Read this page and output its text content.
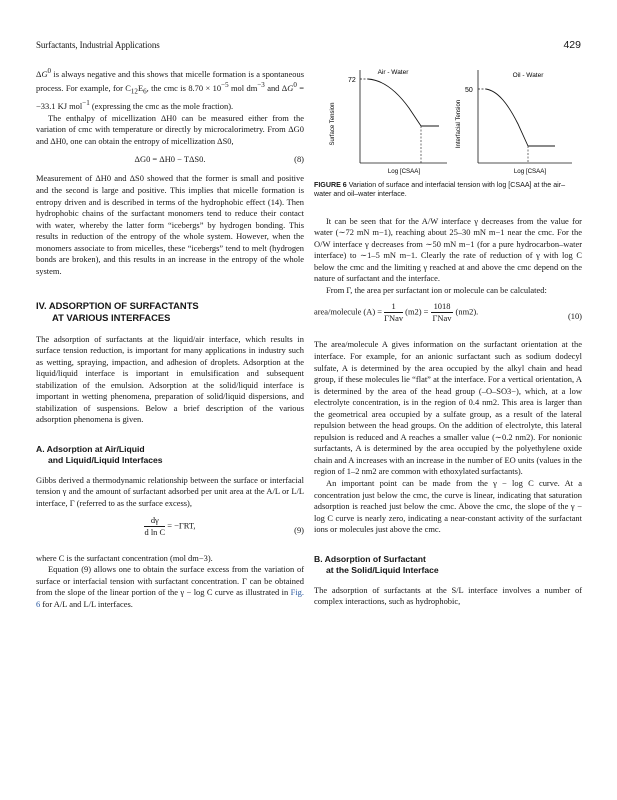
Surfactants, Industrial Applications	429

$\Delta G^0$ is always negative and this shows that micelle formation is a spontaneous process. For example, for $C_{12}E_6$, the cmc is $8.70 \times 10^{-5}$ mol $dm^{-3}$ and $\Delta G^0 = -33.1$ KJ mol$^{-1}$ (expressing the cmc as the mole fraction).

The enthalpy of micellization ΔH0 can be measured either from the variation of cmc with temperature or directly by microcalorimetry. From ΔG0 and ΔH0, one can obtain the entropy of micellization ΔS0,

ΔG0 = ΔH0 − TΔS0.	(8)

Measurement of ΔH0 and ΔS0 showed that the former is small and positive and the second is large and positive. This implies that micelle formation is entropy driven and is described in terms of the hydrophobic effect (14). Then hydrophobic chains of the surfactant monomers tend to reduce their contact with water, whereby the latter form “icebergs” by hydrogen bonding. This results in reduction of the entropy of the whole system. However, when the monomers associate to from micelles, these “icebergs” tend to melt (hydrogen bonds are broken), and this results in an increase in the entropy of the whole system.

IV. ADSORPTION OF SURFACTANTS
AT VARIOUS INTERFACES

The adsorption of surfactants at the liquid/air interface, which results in surface tension reduction, is important for many applications in industry such as wetting, spraying, impaction, and adhesion of droplets. Adsorption at the liquid/liquid interface is important in emulsification and subsequent stabilization of the emulsion. Adsorption at the solid/liquid interface is important in wetting phenomena, preparation of solid/liquid dispersions, and stabilization of suspensions. Below a brief description of the various adsorption phenomena is given.

A. Adsorption at Air/Liquid
and Liquid/Liquid Interfaces

Gibbs derived a thermodynamic relationship between the surface or interfacial tension γ and the amount of surfactant adsorbed per unit area at the A/L or L/L interface, Γ (referred to as the surface excess),

$\frac{d\gamma}{\text{d ln C}} = -\Gamma RT$,	(9)

where C is the surfactant concentration (mol dm−3).

Equation (9) allows one to obtain the surface excess from the variation of surface or interfacial tension with surfactant concentration. Γ can be obtained from the slope of the linear portion of the γ − log C curve as illustrated in Fig. 6 for A/L and L/L interfaces.

Air - Water
Surface Tension
72
Log [CSAA]
Oil - Water
Interfacial Tension
50
Log [CSAA]
FIGURE 6 Variation of surface and interfacial tension with log [CSAA] at the air–water and oil–water interface.

It can be seen that for the A/W interface γ decreases from the value for water (∼72 mN m−1), reaching about 25–30 mN m−1 near the cmc. For the O/W interface γ decreases from ∼50 mN m−1 (for a pure hydrocarbon–water interface) to ∼1–5 mN m−1. Clearly the rate of reduction of γ with log C below the cmc and the limiting γ reached at and above the cmc depend on the nature of surfactant and the interface.

From Γ, the area per surfactant ion or molecule can be calculated:

area/molecule $(A) = \frac{1}{\text{ΓNav}} (m2) = \frac{1018}{\text{ΓNav}} (nm2)$.	(10)

The area/molecule A gives information on the surfactant orientation at the interface. For example, for an anionic surfactant such as sodium dodecyl sulfate, A is determined by the area occupied by the alkyl chain and head group, if these molecules lie “flat” at the interface. For a vertical orientation, A is determined by the area of the head group (–O–SO3−), which, at a low electrolyte concentration, is in the region of 0.4 nm2. This area is larger than the geometrical area occupied by a sulfate group, as a result of the lateral repulsion between the head groups. On the addition of electrolyte, this lateral repulsion is reduced and A reaches a smaller value (∼0.2 nm2). For nonionic surfactants, A is determined by the area occupied by the polyethylene oxide chain and A increases with an increase in the number of EO units (values in the region of 1–2 nm2 are common with ethoxylated surfactants).

An important point can be made from the γ − log C curve. At a concentration just below the cmc, the curve is linear, indicating that saturation adsorption is reached just below the cmc. Above the cmc, the slope of the γ − log C curve is nearly zero, indicating a near-constant activity of the surfactant ions or molecules just above the cmc.

B. Adsorption of Surfactant
at the Solid/Liquid Interface

The adsorption of surfactants at the S/L interface involves a number of complex interactions, such as hydrophobic,
